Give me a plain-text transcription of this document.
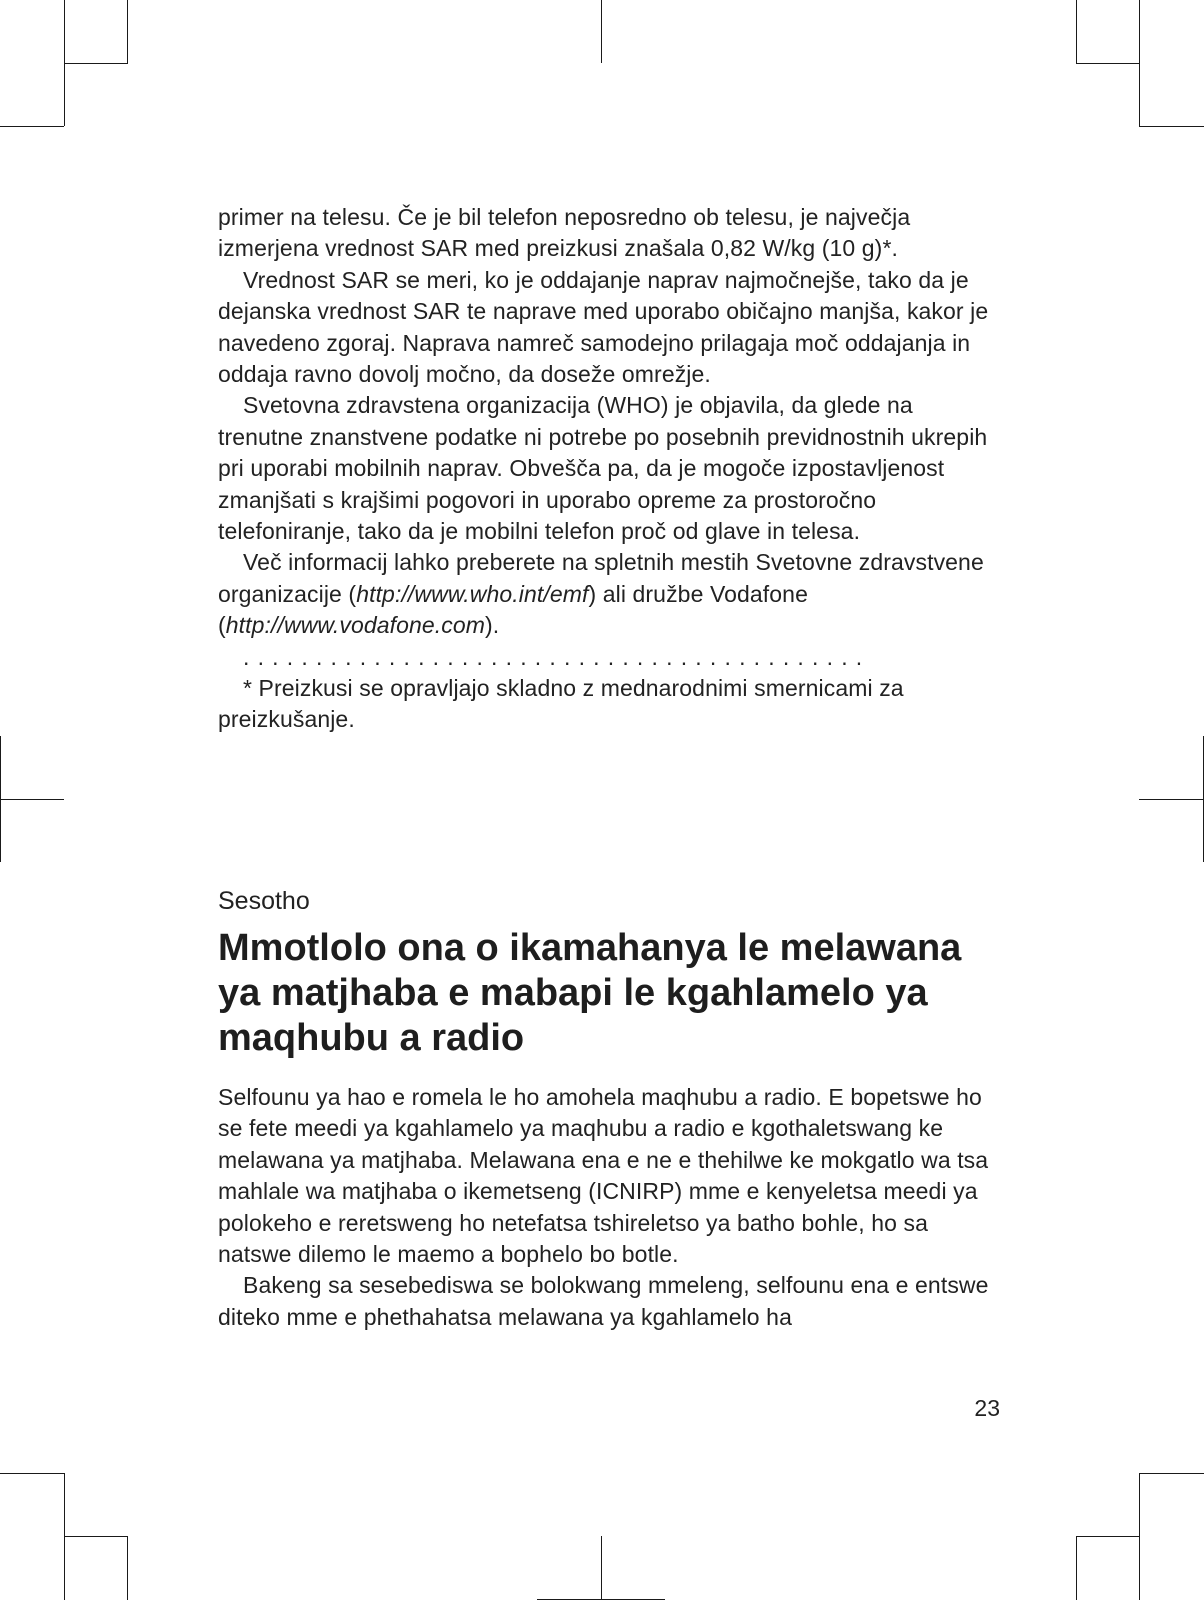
primer na telesu. Če je bil telefon neposredno ob telesu, je največja izmerjena vrednost SAR med preizkusi znašala 0,82 W/kg (10 g)*.

Vrednost SAR se meri, ko je oddajanje naprav najmočnejše, tako da je dejanska vrednost SAR te naprave med uporabo običajno manjša, kakor je navedeno zgoraj. Naprava namreč samodejno prilagaja moč oddajanja in oddaja ravno dovolj močno, da doseže omrežje.

Svetovna zdravstena organizacija (WHO) je objavila, da glede na trenutne znanstvene podatke ni potrebe po posebnih previdnostnih ukrepih pri uporabi mobilnih naprav. Obvešča pa, da je mogoče izpostavljenost zmanjšati s krajšimi pogovori in uporabo opreme za prostoročno telefoniranje, tako da je mobilni telefon proč od glave in telesa.

Več informacij lahko preberete na spletnih mestih Svetovne zdravstvene organizacije (http://www.who.int/emf) ali družbe Vodafone (http://www.vodafone.com).

...........................................

* Preizkusi se opravljajo skladno z mednarodnimi smernicami za preizkušanje.

Sesotho

Mmotlolo ona o ikamahanya le melawana ya matjhaba e mabapi le kgahlamelo ya maqhubu a radio

Selfounu ya hao e romela le ho amohela maqhubu a radio. E bopetswe ho se fete meedi ya kgahlamelo ya maqhubu a radio e kgothaletswang ke melawana ya matjhaba. Melawana ena e ne e thehilwe ke mokgatlo wa tsa mahlale wa matjhaba o ikemetseng (ICNIRP) mme e kenyeletsa meedi ya polokeho e reretsweng ho netefatsa tshireletso ya batho bohle, ho sa natswe dilemo le maemo a bophelo bo botle.

Bakeng sa sesebediswa se bolokwang mmeleng, selfounu ena e entswe diteko mme e phethahatsa melawana ya kgahlamelo ha

23
